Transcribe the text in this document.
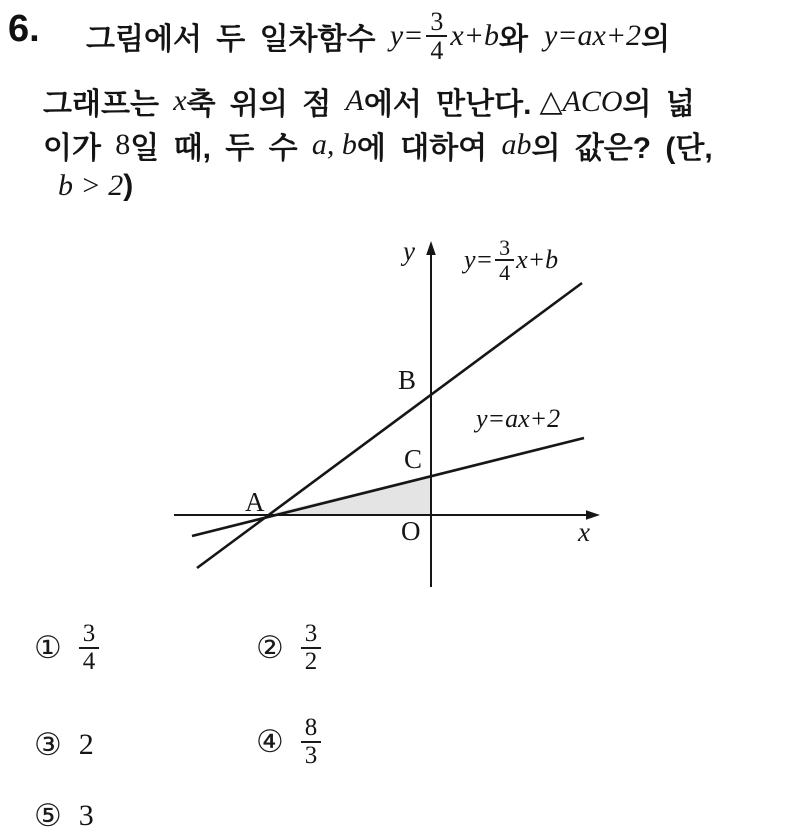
6. 그림에서 두 일차함수 $y= \frac{3}{4} x+b$ 와 y=ax+2 의
그래프는 x 축 위의 점 A 에서 만난다. △ACO 의 넓
이가 8 일 때, 두 수 a, b 에 대하여 ab 의 값은? (단,
b > 2 )
y
x
A
B
C
O
$y= \frac{3}{4} x+b$
y=ax+2
① $\frac{3}{4}$	② $\frac{3}{2}$
③ 2	④ $\frac{8}{3}$
⑤ 3
